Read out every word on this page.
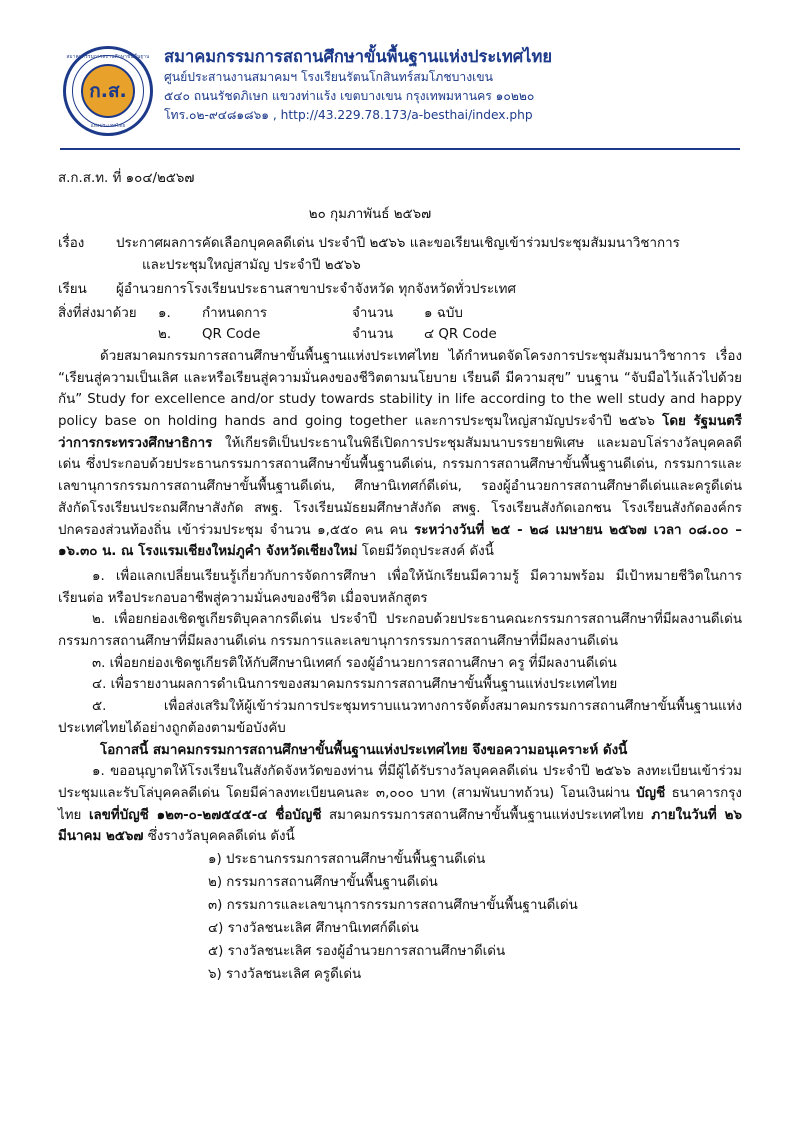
สมาคมกรรมการสถานศึกษาขั้นพื้นฐาน
ก.ส.
แห่งประเทศไทย
สมาคมกรรมการสถานศึกษาขั้นพื้นฐานแห่งประเทศไทย
ศูนย์ประสานงานสมาคมฯ โรงเรียนรัตนโกสินทร์สมโภชบางเขน
๕๔๐ ถนนรัชดภิเษก แขวงท่าแร้ง เขตบางเขน กรุงเทพมหานคร ๑๐๒๒๐
โทร.๐๒-๙๔๘๑๘๖๑ , http://43.229.78.173/a-besthai/index.php
ส.ก.ส.ท. ที่ ๑๐๔/๒๕๖๗
๒๐ กุมภาพันธ์ ๒๕๖๗
เรื่อง	ประกาศผลการคัดเลือกบุคคลดีเด่น ประจำปี ๒๕๖๖ และขอเรียนเชิญเข้าร่วมประชุมสัมมนาวิชาการ
และประชุมใหญ่สามัญ ประจำปี ๒๕๖๖
เรียน	ผู้อำนวยการโรงเรียนประธานสาขาประจำจังหวัด ทุกจังหวัดทั่วประเทศ
สิ่งที่ส่งมาด้วย	๑.	กำหนดการ	จำนวน	๑ ฉบับ
๒.	QR Code	จำนวน	๔ QR Code

ด้วยสมาคมกรรมการสถานศึกษาขั้นพื้นฐานแห่งประเทศไทย ได้กำหนดจัดโครงการประชุมสัมมนาวิชาการ เรื่อง “เรียนสู่ความเป็นเลิศ และหรือเรียนสู่ความมั่นคงของชีวิตตามนโยบาย เรียนดี มีความสุข” บนฐาน “จับมือไว้แล้วไปด้วยกัน” Study for excellence and/or study towards stability in life according to the well study and happy policy base on holding hands and going together และการประชุมใหญ่สามัญประจำปี ๒๕๖๖ โดย รัฐมนตรีว่าการกระทรวงศึกษาธิการ ให้เกียรติเป็นประธานในพิธีเปิดการประชุมสัมมนาบรรยายพิเศษ และมอบโล่รางวัลบุคคลดีเด่น ซึ่งประกอบด้วยประธานกรรมการสถานศึกษาขั้นพื้นฐานดีเด่น, กรรมการสถานศึกษาขั้นพื้นฐานดีเด่น, กรรมการและเลขานุการกรรมการสถานศึกษาขั้นพื้นฐานดีเด่น, ศึกษานิเทศก์ดีเด่น, รองผู้อำนวยการสถานศึกษาดีเด่นและครูดีเด่น สังกัดโรงเรียนประถมศึกษาสังกัด สพฐ. โรงเรียนมัธยมศึกษาสังกัด สพฐ. โรงเรียนสังกัดเอกชน โรงเรียนสังกัดองค์กรปกครองส่วนท้องถิ่น เข้าร่วมประชุม จำนวน ๑,๕๕๐ คน คน ระหว่างวันที่ ๒๕ - ๒๘ เมษายน ๒๕๖๗ เวลา ๐๘.๐๐ – ๑๖.๓๐ น. ณ โรงแรมเชียงใหม่ภูคำ จังหวัดเชียงใหม่ โดยมีวัตถุประสงค์ ดังนี้

๑. เพื่อแลกเปลี่ยนเรียนรู้เกี่ยวกับการจัดการศึกษา เพื่อให้นักเรียนมีความรู้ มีความพร้อม มีเป้าหมายชีวิตในการเรียนต่อ หรือประกอบอาชีพสู่ความมั่นคงของชีวิต เมื่อจบหลักสูตร

๒. เพื่อยกย่องเชิดชูเกียรติบุคลากรดีเด่น ประจำปี ประกอบด้วยประธานคณะกรรมการสถานศึกษาที่มีผลงานดีเด่น กรรมการสถานศึกษาที่มีผลงานดีเด่น กรรมการและเลขานุการกรรมการสถานศึกษาที่มีผลงานดีเด่น

๓. เพื่อยกย่องเชิดชูเกียรติให้กับศึกษานิเทศก์ รองผู้อำนวยการสถานศึกษา ครู ที่มีผลงานดีเด่น

๔. เพื่อรายงานผลการดำเนินการของสมาคมกรรมการสถานศึกษาขั้นพื้นฐานแห่งประเทศไทย

๕. เพื่อส่งเสริมให้ผู้เข้าร่วมการประชุมทราบแนวทางการจัดตั้งสมาคมกรรมการสถานศึกษาขั้นพื้นฐานแห่งประเทศไทยได้อย่างถูกต้องตามข้อบังคับ

โอกาสนี้ สมาคมกรรมการสถานศึกษาขั้นพื้นฐานแห่งประเทศไทย จึงขอความอนุเคราะห์ ดังนี้

๑. ขออนุญาตให้โรงเรียนในสังกัดจังหวัดของท่าน ที่มีผู้ได้รับรางวัลบุคคลดีเด่น ประจำปี ๒๕๖๖ ลงทะเบียนเข้าร่วมประชุมและรับโล่บุคคลดีเด่น โดยมีค่าลงทะเบียนคนละ ๓,๐๐๐ บาท (สามพันบาทถ้วน) โอนเงินผ่าน บัญชี ธนาคารกรุงไทย เลขที่บัญชี ๑๒๓-๐-๒๗๕๔๕-๔ ชื่อบัญชี สมาคมกรรมการสถานศึกษาขั้นพื้นฐานแห่งประเทศไทย ภายในวันที่ ๒๖ มีนาคม ๒๕๖๗ ซึ่งรางวัลบุคคลดีเด่น ดังนี้

๑) ประธานกรรมการสถานศึกษาขั้นพื้นฐานดีเด่น
๒) กรรมการสถานศึกษาขั้นพื้นฐานดีเด่น
๓) กรรมการและเลขานุการกรรมการสถานศึกษาขั้นพื้นฐานดีเด่น
๔) รางวัลชนะเลิศ ศึกษานิเทศก์ดีเด่น
๕) รางวัลชนะเลิศ รองผู้อำนวยการสถานศึกษาดีเด่น
๖) รางวัลชนะเลิศ ครูดีเด่น
